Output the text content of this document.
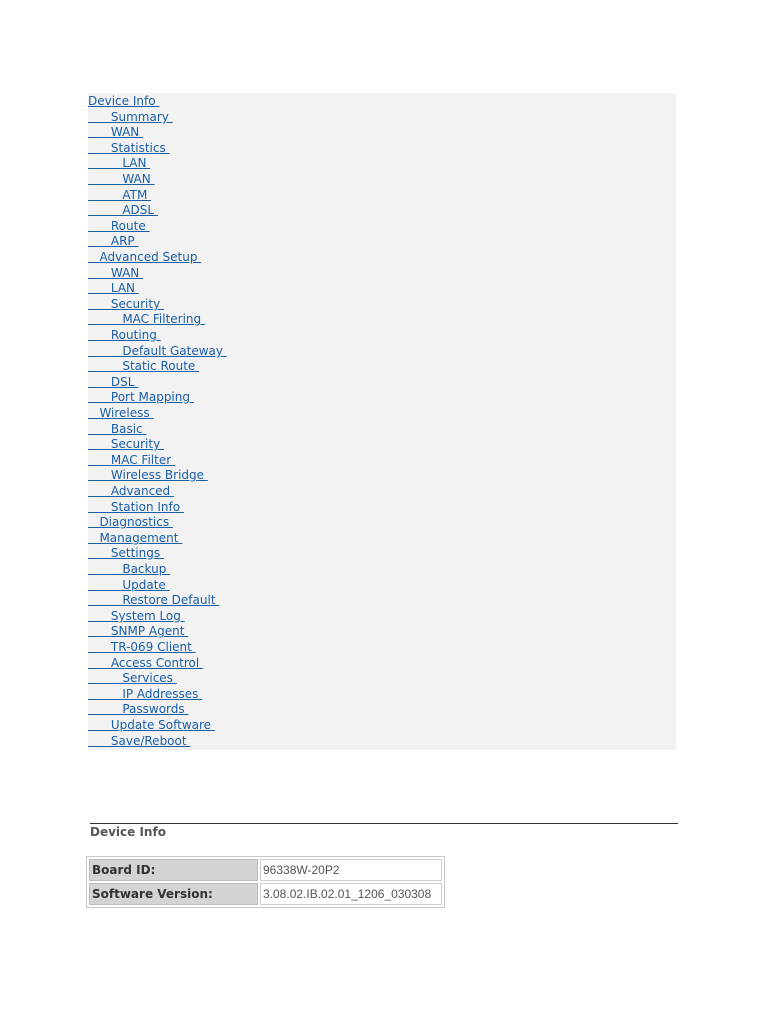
Device Info
Summary
WAN
Statistics
LAN
WAN
ATM
ADSL
Route
ARP
Advanced Setup
WAN
LAN
Security
MAC Filtering
Routing
Default Gateway
Static Route
DSL
Port Mapping
Wireless
Basic
Security
MAC Filter
Wireless Bridge
Advanced
Station Info
Diagnostics
Management
Settings
Backup
Update
Restore Default
System Log
SNMP Agent
TR-069 Client
Access Control
Services
IP Addresses
Passwords
Update Software
Save/Reboot
Device Info
Board ID:	96338W-20P2
Software Version:	3.08.02.IB.02.01_1206_030308
